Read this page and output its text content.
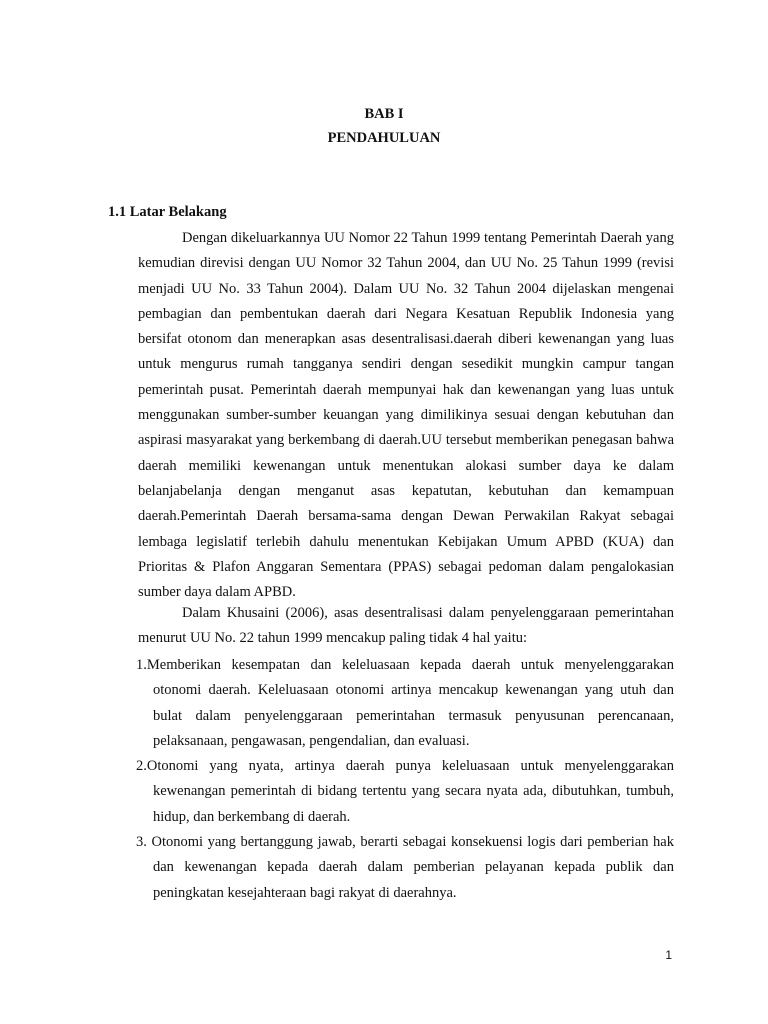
BAB I
PENDAHULUAN
1.1 Latar Belakang

Dengan dikeluarkannya UU Nomor 22 Tahun 1999 tentang Pemerintah Daerah yang kemudian direvisi dengan UU Nomor 32 Tahun 2004, dan UU No. 25 Tahun 1999 (revisi menjadi UU No. 33 Tahun 2004). Dalam UU No. 32 Tahun 2004 dijelaskan mengenai pembagian dan pembentukan daerah dari Negara Kesatuan Republik Indonesia yang bersifat otonom dan menerapkan asas desentralisasi.daerah diberi kewenangan yang luas untuk mengurus rumah tangganya sendiri dengan sesedikit mungkin campur tangan pemerintah pusat. Pemerintah daerah mempunyai hak dan kewenangan yang luas untuk menggunakan sumber-sumber keuangan yang dimilikinya sesuai dengan kebutuhan dan aspirasi masyarakat yang berkembang di daerah.UU tersebut memberikan penegasan bahwa daerah memiliki kewenangan untuk menentukan alokasi sumber daya ke dalam belanjabelanja dengan menganut asas kepatutan, kebutuhan dan kemampuan daerah.Pemerintah Daerah bersama-sama dengan Dewan Perwakilan Rakyat sebagai lembaga legislatif terlebih dahulu menentukan Kebijakan Umum APBD (KUA) dan Prioritas & Plafon Anggaran Sementara (PPAS) sebagai pedoman dalam pengalokasian sumber daya dalam APBD.

Dalam Khusaini (2006), asas desentralisasi dalam penyelenggaraan pemerintahan menurut UU No. 22 tahun 1999 mencakup paling tidak 4 hal yaitu:

1.Memberikan kesempatan dan keleluasaan kepada daerah untuk menyelenggarakan otonomi daerah. Keleluasaan otonomi artinya mencakup kewenangan yang utuh dan bulat dalam penyelenggaraan pemerintahan termasuk penyusunan perencanaan, pelaksanaan, pengawasan, pengendalian, dan evaluasi.
2.Otonomi yang nyata, artinya daerah punya keleluasaan untuk menyelenggarakan kewenangan pemerintah di bidang tertentu yang secara nyata ada, dibutuhkan, tumbuh, hidup, dan berkembang di daerah.
3. Otonomi yang bertanggung jawab, berarti sebagai konsekuensi logis dari pemberian hak dan kewenangan kepada daerah dalam pemberian pelayanan kepada publik dan peningkatan kesejahteraan bagi rakyat di daerahnya.
1
